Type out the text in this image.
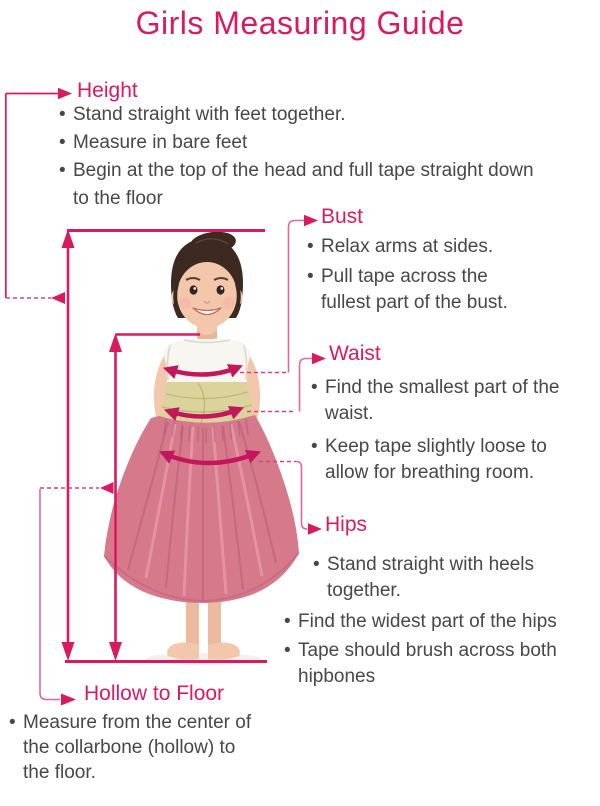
Girls Measuring Guide
Height
• Stand straight with feet together.
• Measure in bare feet
• Begin at the top of the head and full tape straight down to the floor
Bust
• Relax arms at sides.
• Pull tape across the fullest part of the bust.
Waist
• Find the smallest part of the waist.
• Keep tape slightly loose to allow for breathing room.
Hips
• Stand straight with heels together.
• Find the widest part of the hips
• Tape should brush across both hipbones
Hollow to Floor
• Measure from the center of the collarbone (hollow) to the floor.
